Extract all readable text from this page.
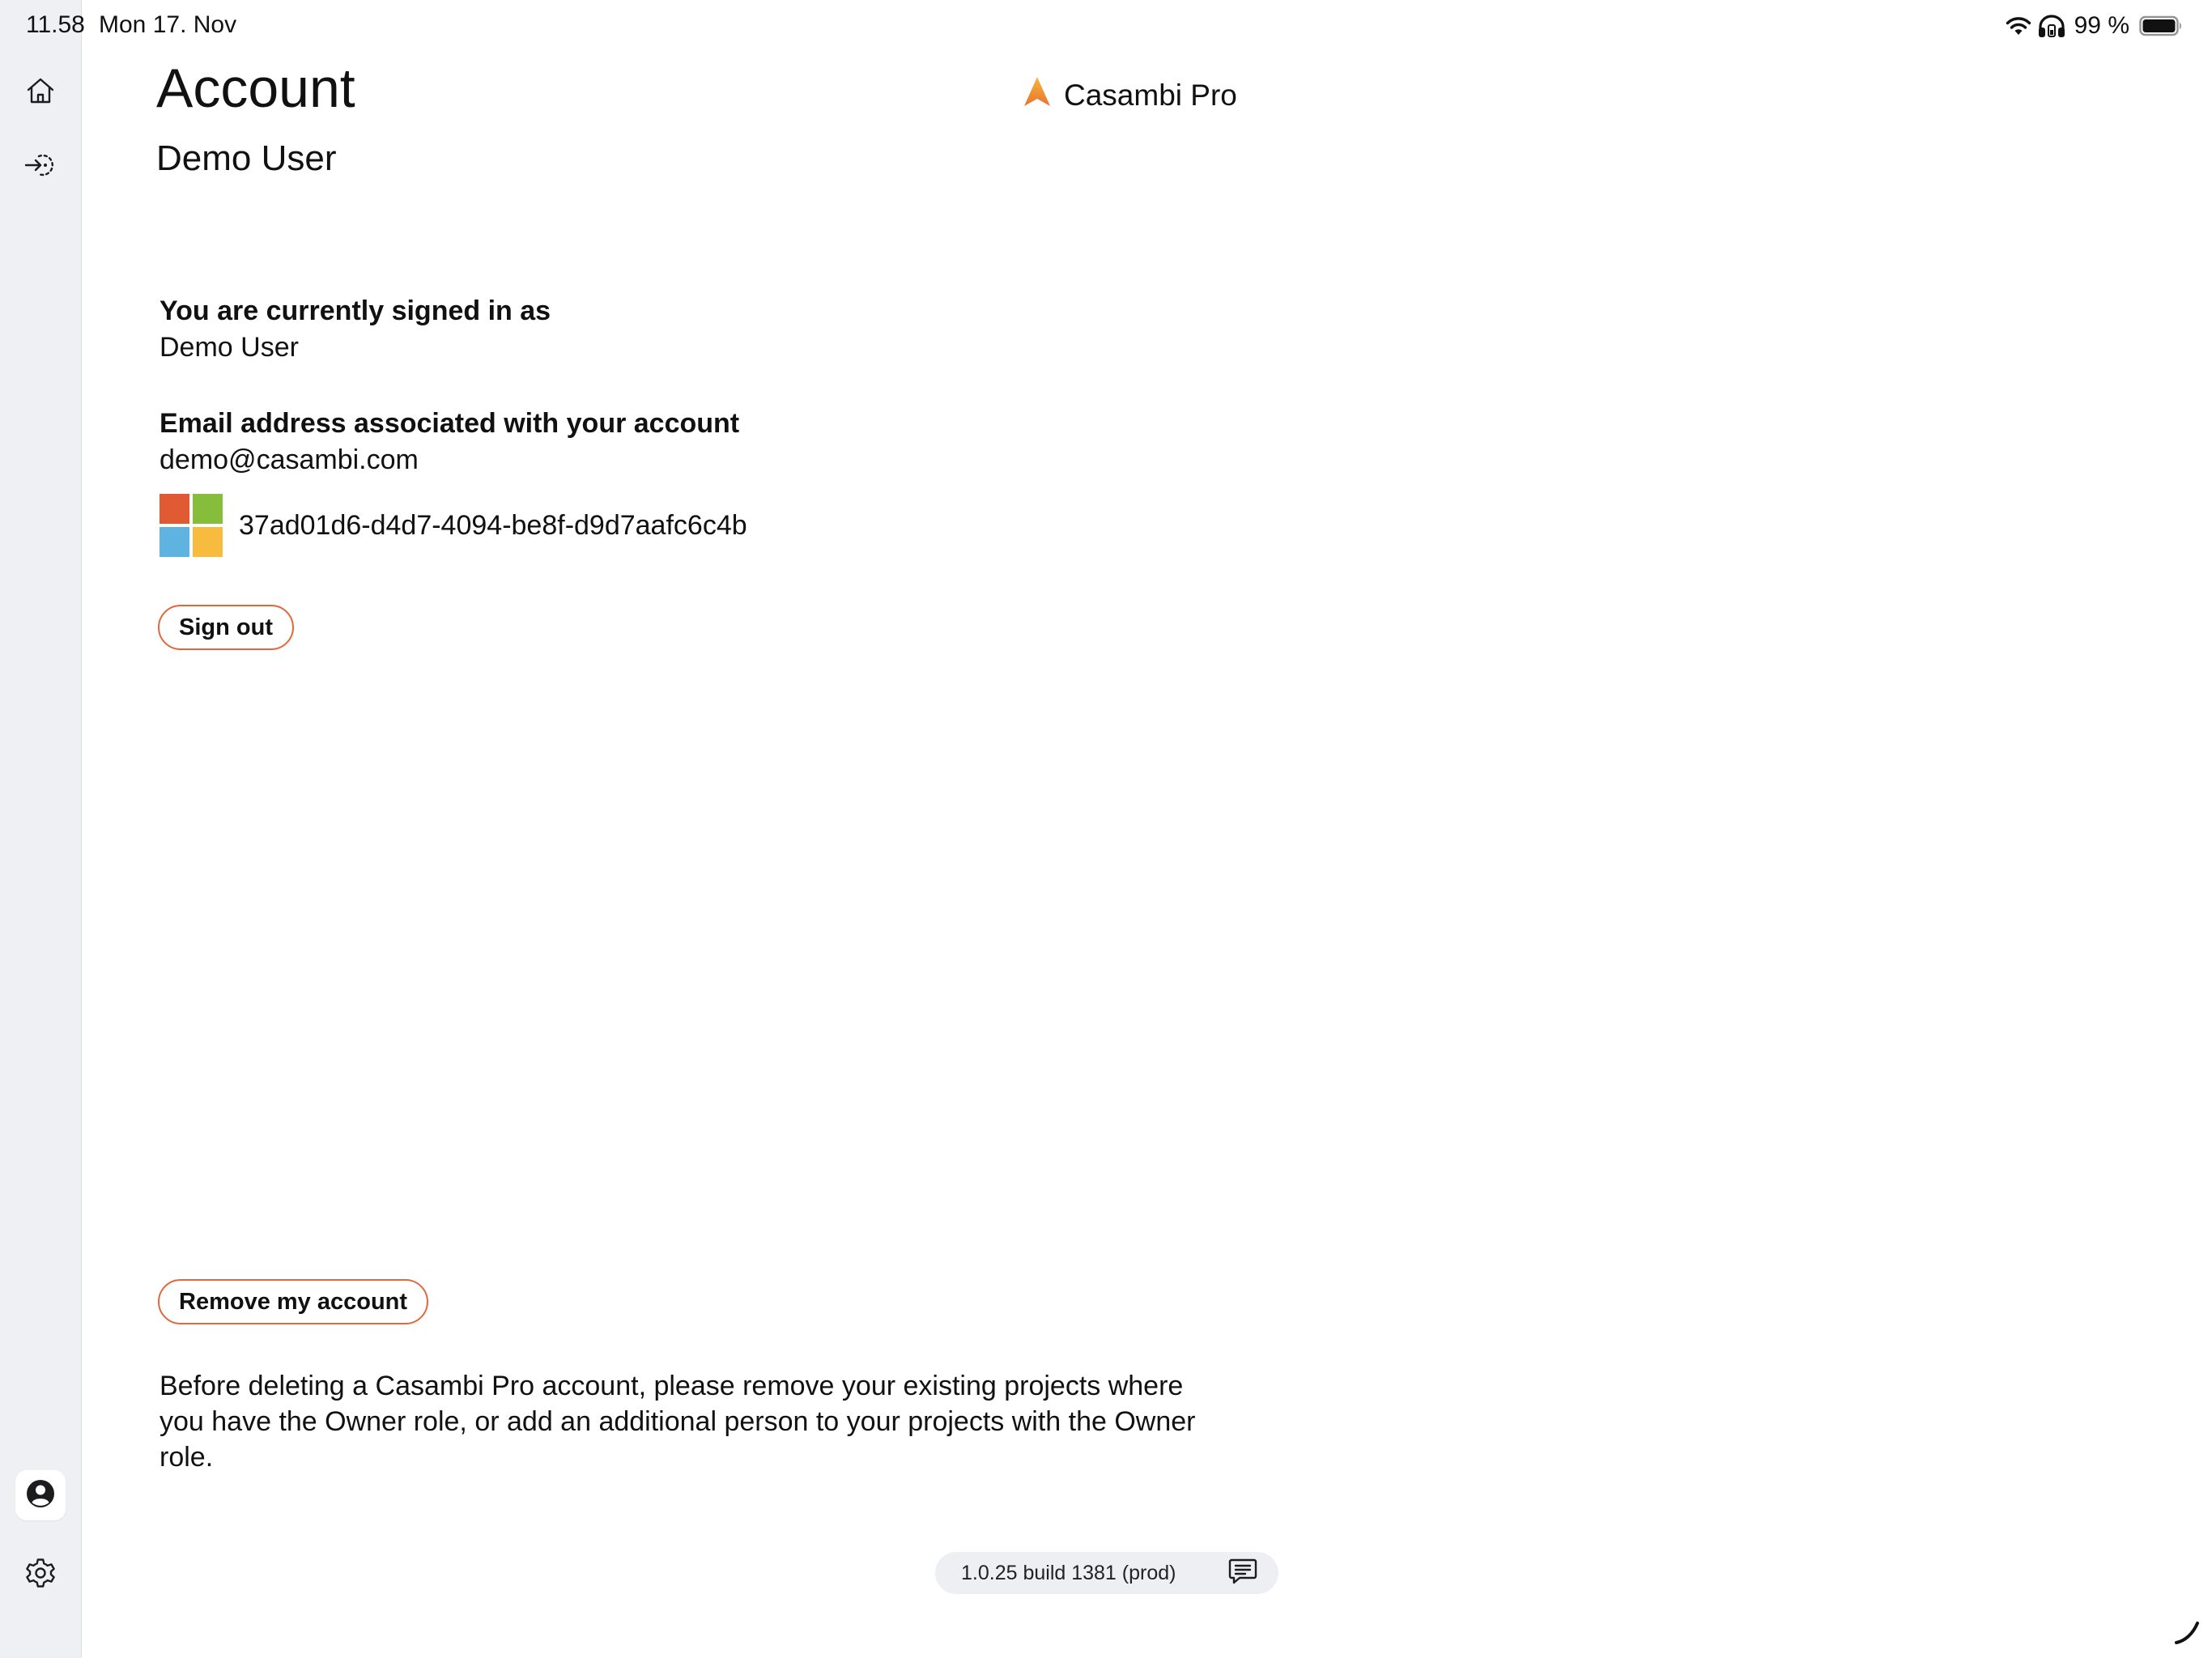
11.58 Mon 17. Nov	99 %
Account
Demo User
Casambi Pro
You are currently signed in as
Demo User
Email address associated with your account
demo@casambi.com
37ad01d6-d4d7-4094-be8f-d9d7aafc6c4b
Sign out
Remove my account
Before deleting a Casambi Pro account, please remove your existing projects where you have the Owner role, or add an additional person to your projects with the Owner role.
1.0.25 build 1381 (prod)
